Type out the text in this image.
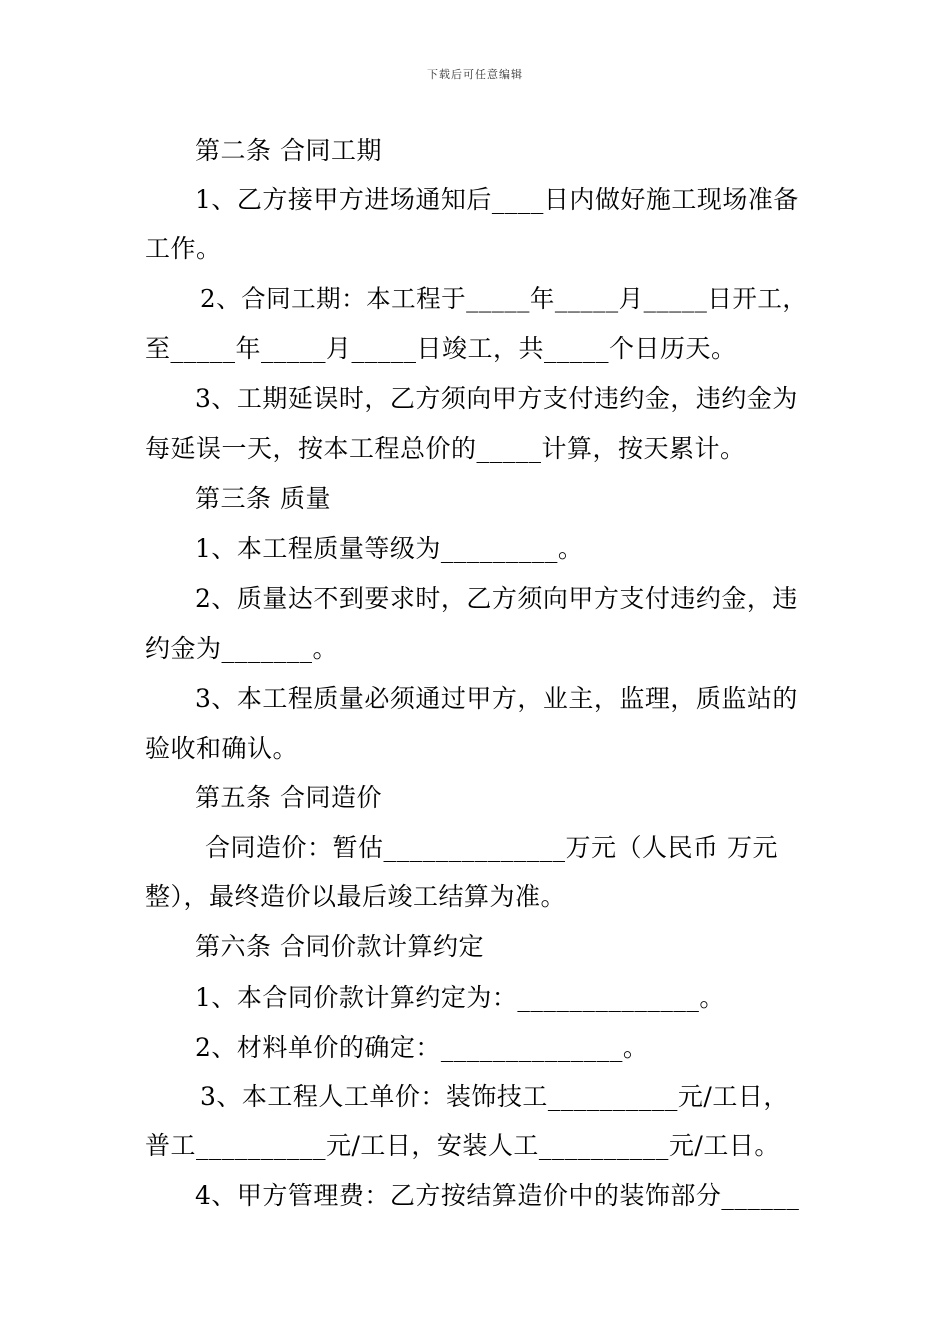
下载后可任意编辑
第二条 合同工期
1、乙方接甲方进场通知后____日内做好施工现场准备
工作。
2、合同工期：本工程于_____年_____月_____日开工，
至_____年_____月_____日竣工，共_____个日历天。
3、工期延误时，乙方须向甲方支付违约金，违约金为
每延误一天，按本工程总价的_____计算，按天累计。
第三条 质量
1、本工程质量等级为_________。
2、质量达不到要求时，乙方须向甲方支付违约金，违
约金为_______。
3、本工程质量必须通过甲方，业主，监理，质监站的
验收和确认。
第五条 合同造价
合同造价：暂估______________万元（人民币 万元
整），最终造价以最后竣工结算为准。
第六条 合同价款计算约定
1、本合同价款计算约定为：______________。
2、材料单价的确定：______________。
3、本工程人工单价：装饰技工__________元/工日，
普工__________元/工日，安装人工__________元/工日。
4、甲方管理费：乙方按结算造价中的装饰部分______
